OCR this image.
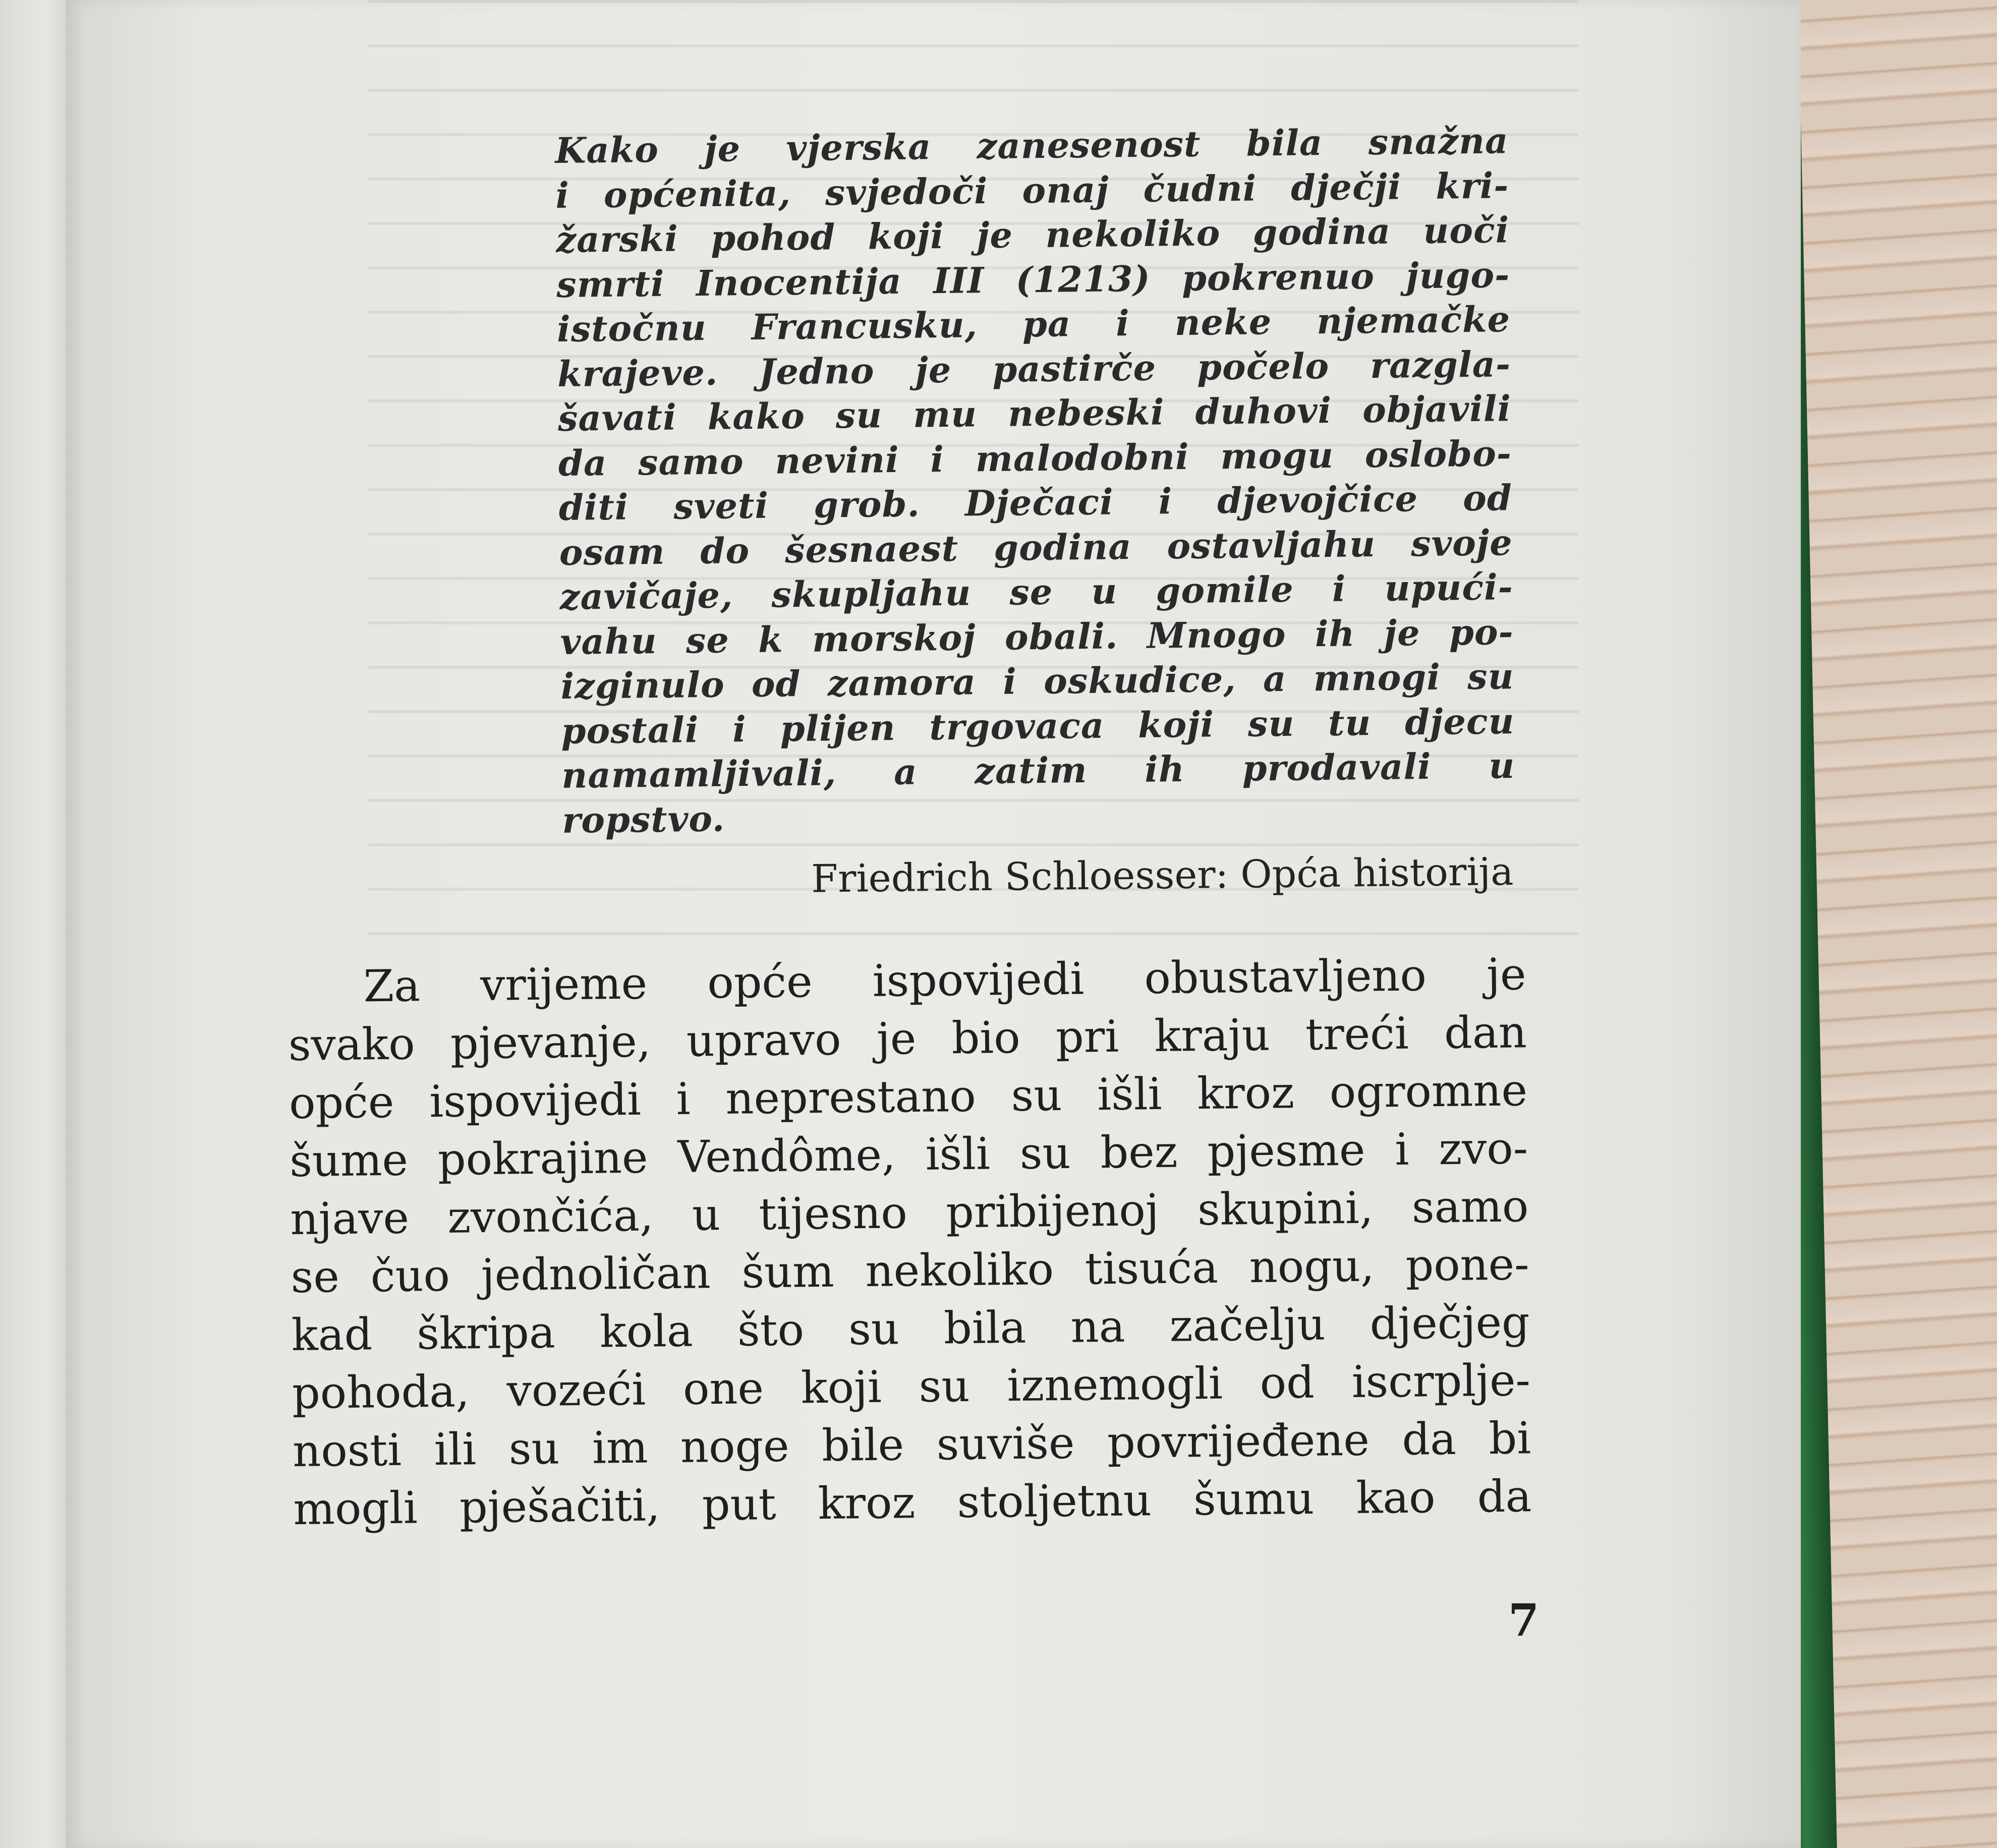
Kako je vjerska zanesenost bila snažna
i općenita, svjedoči onaj čudni dječji kri-
žarski pohod koji je nekoliko godina uoči
smrti Inocentija III (1213) pokrenuo jugo-
istočnu Francusku, pa i neke njemačke
krajeve. Jedno je pastirče počelo razgla-
šavati kako su mu nebeski duhovi objavili
da samo nevini i malodobni mogu oslobo-
diti sveti grob. Dječaci i djevojčice od
osam do šesnaest godina ostavljahu svoje
zavičaje, skupljahu se u gomile i upući-
vahu se k morskoj obali. Mnogo ih je po-
izginulo od zamora i oskudice, a mnogi su
postali i plijen trgovaca koji su tu djecu
namamljivali, a zatim ih prodavali u
ropstvo.
Friedrich Schloesser: Opća historija
Za vrijeme opće ispovijedi obustavljeno je
svako pjevanje, upravo je bio pri kraju treći dan
opće ispovijedi i neprestano su išli kroz ogromne
šume pokrajine Vendôme, išli su bez pjesme i zvo-
njave zvončića, u tijesno pribijenoj skupini, samo
se čuo jednoličan šum nekoliko tisuća nogu, pone-
kad škripa kola što su bila na začelju dječjeg
pohoda, vozeći one koji su iznemogli od iscrplje-
nosti ili su im noge bile suviše povrijeđene da bi
mogli pješačiti, put kroz stoljetnu šumu kao da
7
